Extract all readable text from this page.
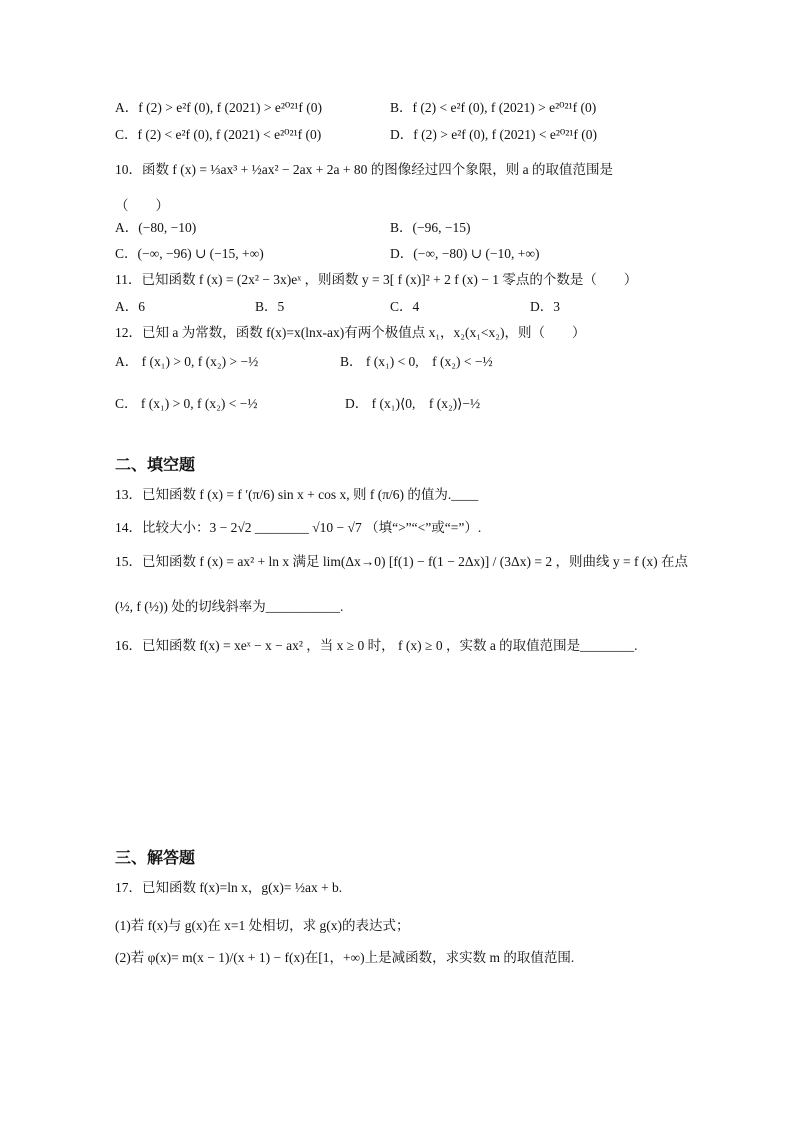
A．f (2) > e²f (0), f (2021) > e²⁰²¹f (0)	B．f (2) < e²f (0), f (2021) > e²⁰²¹f (0)
C．f (2) < e²f (0), f (2021) < e²⁰²¹f (0)	D．f (2) > e²f (0), f (2021) < e²⁰²¹f (0)
10．函数 f (x) = ⅓ax³ + ½ax² − 2ax + 2a + 80 的图像经过四个象限，则 a 的取值范围是
（　　）
A．(−80, −10)	B．(−96, −15)
C．(−∞, −96) ∪ (−15, +∞)	D．(−∞, −80) ∪ (−10, +∞)
11．已知函数 f (x) = (2x² − 3x)eˣ ，则函数 y = 3[ f (x)]² + 2 f (x) − 1 零点的个数是（　　）
A．6	B．5	C．4	D．3
12．已知 a 为常数，函数 f(x)=x(lnx-ax)有两个极值点 x₁，x₂(x₁<x₂)，则（　　）
A． f (x₁) > 0, f (x₂) > −½	B． f (x₁) < 0,　f (x₂) < −½
C． f (x₁) > 0, f (x₂) < −½	D． f (x₁)⟨0,　f (x₂)⟩−½
二、填空题
13．已知函数 f (x) = f ′(π/6) sin x + cos x, 则 f (π/6) 的值为.____
14．比较大小：3 − 2√2 ________ √10 − √7 （填“>”“<”或“=”）.
15．已知函数 f (x) = ax² + ln x 满足 lim(Δx→0) [f(1) − f(1 − 2Δx)] / (3Δx) = 2 ，则曲线 y = f (x) 在点
(½, f (½)) 处的切线斜率为___________.
16．已知函数 f(x) = xeˣ − x − ax² ，当 x ≥ 0 时， f (x) ≥ 0 ，实数 a 的取值范围是________.
三、解答题
17．已知函数 f(x)=ln x，g(x)= ½ax + b.
(1)若 f(x)与 g(x)在 x=1 处相切，求 g(x)的表达式；
(2)若 φ(x)= m(x − 1)/(x + 1) − f(x)在[1，+∞)上是减函数，求实数 m 的取值范围.
